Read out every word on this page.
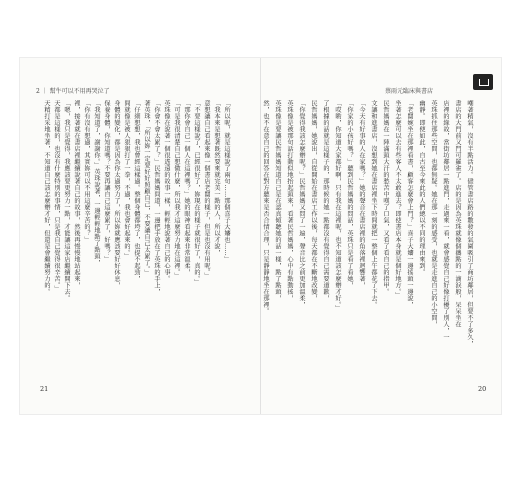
2 ｜ 幫牛可以不用再哭泣了	蔡雨元臨床與書店
嘲著精氣，沒有半點活力。儘管書店路的數發的氣圍吸引了商坊鄰居，但要不了多久，
書店的大門前又門可羅雀了。店的是因為英珠就像個攜點的一滴淚般，呆呆坐在
店裡的緣故，當街坊鄰居一點進門，走過來一看，就會感覺自己好像打擾了別人，一
英珠抓住那些空間，也都無疑。她在那一刻的感受，也就是走進自己的小空間，
幽靜。即便如此，自古至今來此的人們總以不同的理由來到。
「老闆婉坐在那裡看書，顧客怎麼會上門？」喜子大嬸一邊搖頭一邊說，
坐著怎麼可以去有些客人不太敢進去？即使書店本身就是個好地方。」
民哲媽媽在一陣滿頭大汗的愁苦中嘆了口氣，又看了看自己的指甲。
文讓和進書店，沒想到她在書店裡坐下時間就把一整個上午都花了下去。
「今天有好事的人在家嗎？」她的聲音在書店裡的角落裡迴響著，
「你家的小孩好嗎？」聽到民哲媽媽的問話，英珠只是看了看她，
「哎喲，你知道大家都好啊，只有我在這裡呢，也不知道該怎麼辦才好。」
了根據的話就是這樣子的，那時候的她一點都沒有覺得自己需要道歉，
民哲媽媽，她說出，自從開始在書店工作以後，每天都在不斷地改變，
「你覺得我該怎麼辦呢？」民哲媽媽又問了一遍，聲音比之前更加溫柔，
英珠像是被那句話打動似地抬起頭來，看著民哲媽媽，心中有點動搖，
英珠像是要讓民哲媽媽知道自己是在認真傾聽她的話一樣，點了點頭，
然，也不在意自己的回答在對方聽來是否合情合理，只是靜靜地坐在那裡。
「所以呢，就是這樣說了兩句……那個喜子大嬸也……」
「我本來是想著既然要來就完美一點的人，所以才說，
意想讓自己看起來像一個書店老闆的樣子，但是也沒有用呢。」
「不要這樣說了，已經很好了，妳現在的樣子就很好了，真的。」
「那你會自己一個人在這裡嗎？」她的眼神看起來非常溫柔，
「可是我很清楚自己想做什麼，所以我才這麼努力地在這裡。」
英珠像在說著一個很遙遠的故事一樣，輕輕地說著自己的心事。
「你會不會太累了？」民哲媽媽問道，一邊把手放在了英珠的手上，
著英珠，「所以妳一定要好好照顧自己，不要讓自己太累了。」
「仔細想想，我也曾經這樣過。整個身體都垮了，也提不起勁，
間就像是被人狠狠打了一拳，不過，我也會好起來的。」
身體的變化，都是因為你太過努力了，所以妳就應該要好好休息，
保養身體，你知道嗎？不要再讓自己這麼累了，好嗎？」
「我知道了，謝謝你。」英珠說著，一邊輕輕地點了點頭，
「你有沒有想過，其實妳可以不用這麼辛苦的？」
裡，接著就在書店裡繼續說著自己的故事，然後再慢慢地站起來，
「嗯，我只是覺得，我應該要更努力一點，才能讓這家店繼續開下去。
天都是這樣的，也沒有什麼特別的事情，只是我自己覺得很辛苦。」
天精打采地坐著，不知道自己該怎麼辦才好，但還是會繼續努力的。
21	20
